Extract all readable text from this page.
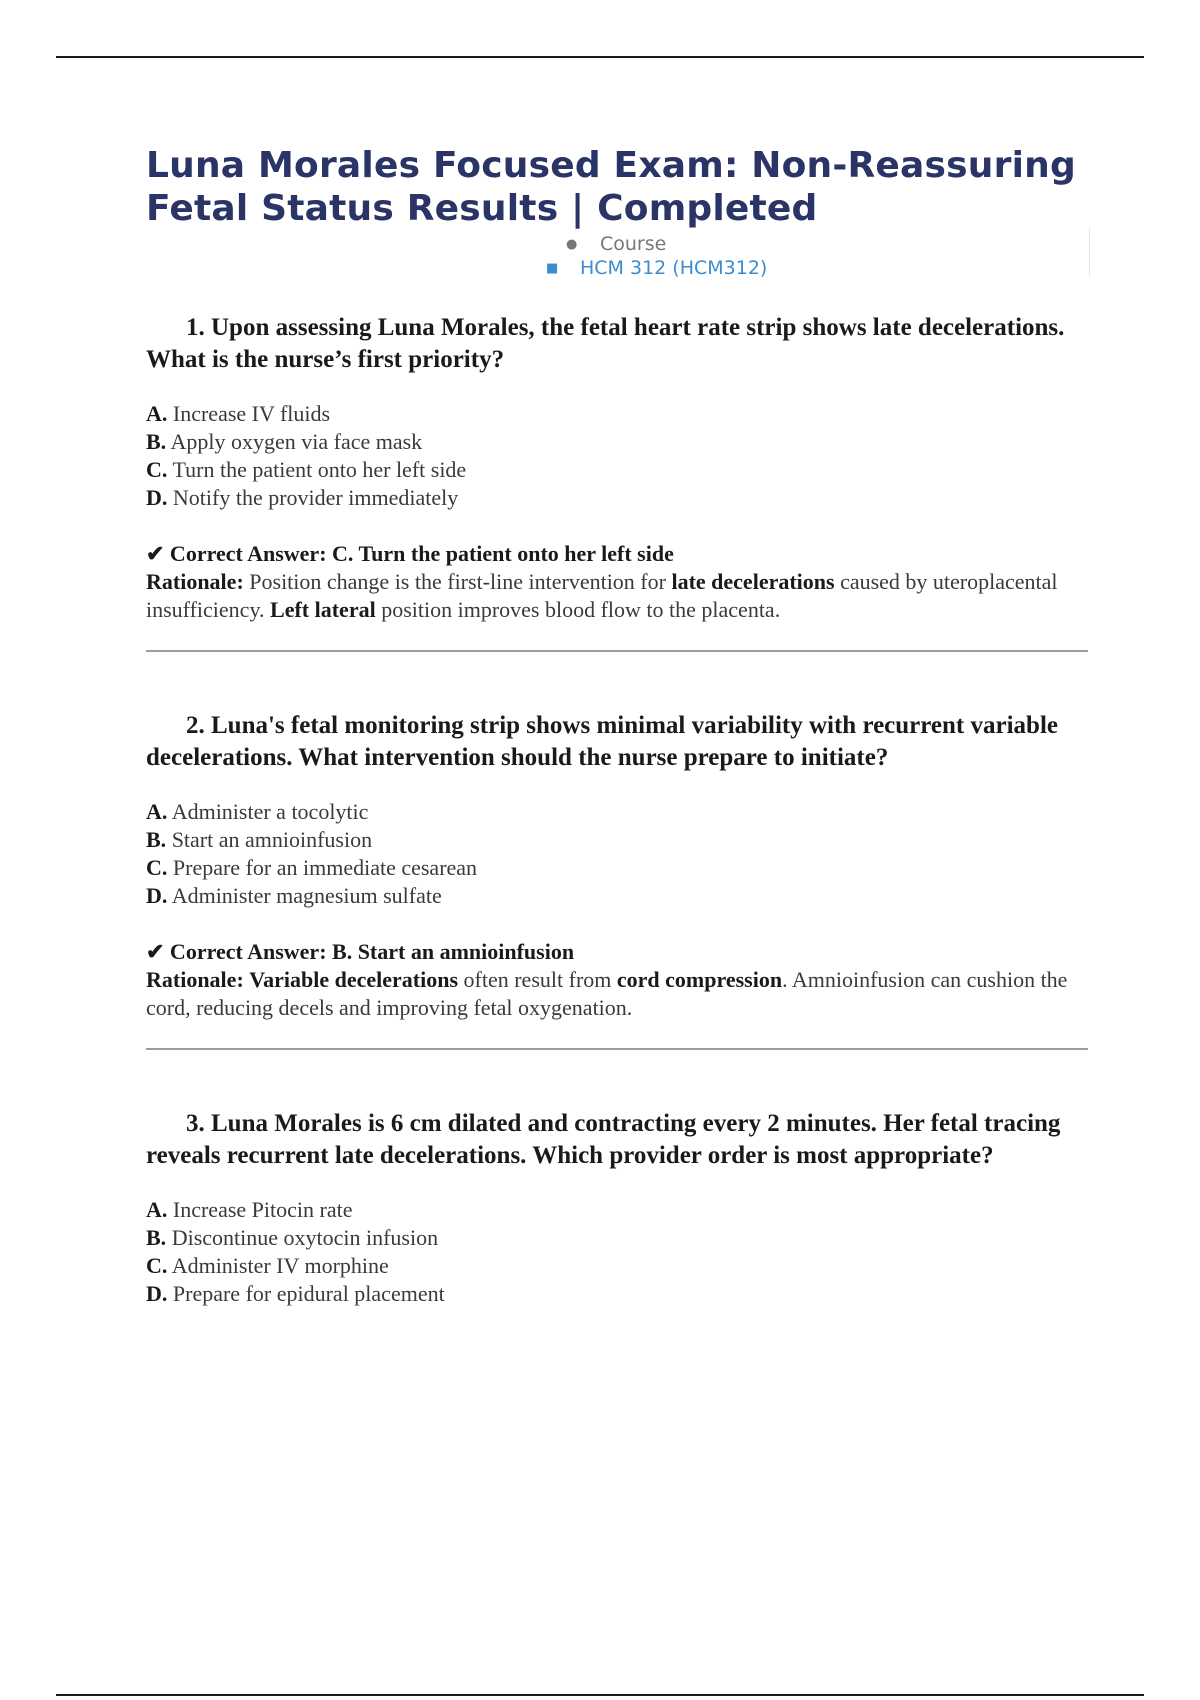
Luna Morales Focused Exam: Non-Reassuring Fetal Status Results | Completed
● Course
■ HCM 312 (HCM312)

1. Upon assessing Luna Morales, the fetal heart rate strip shows late decelerations. What is the nurse’s first priority?

A. Increase IV fluids
B. Apply oxygen via face mask
C. Turn the patient onto her left side
D. Notify the provider immediately
✔ Correct Answer: C. Turn the patient onto her left side
Rationale: Position change is the first-line intervention for late decelerations caused by uteroplacental insufficiency. Left lateral position improves blood flow to the placenta.

2. Luna's fetal monitoring strip shows minimal variability with recurrent variable decelerations. What intervention should the nurse prepare to initiate?

A. Administer a tocolytic
B. Start an amnioinfusion
C. Prepare for an immediate cesarean
D. Administer magnesium sulfate
✔ Correct Answer: B. Start an amnioinfusion
Rationale: Variable decelerations often result from cord compression. Amnioinfusion can cushion the cord, reducing decels and improving fetal oxygenation.

3. Luna Morales is 6 cm dilated and contracting every 2 minutes. Her fetal tracing reveals recurrent late decelerations. Which provider order is most appropriate?

A. Increase Pitocin rate
B. Discontinue oxytocin infusion
C. Administer IV morphine
D. Prepare for epidural placement
